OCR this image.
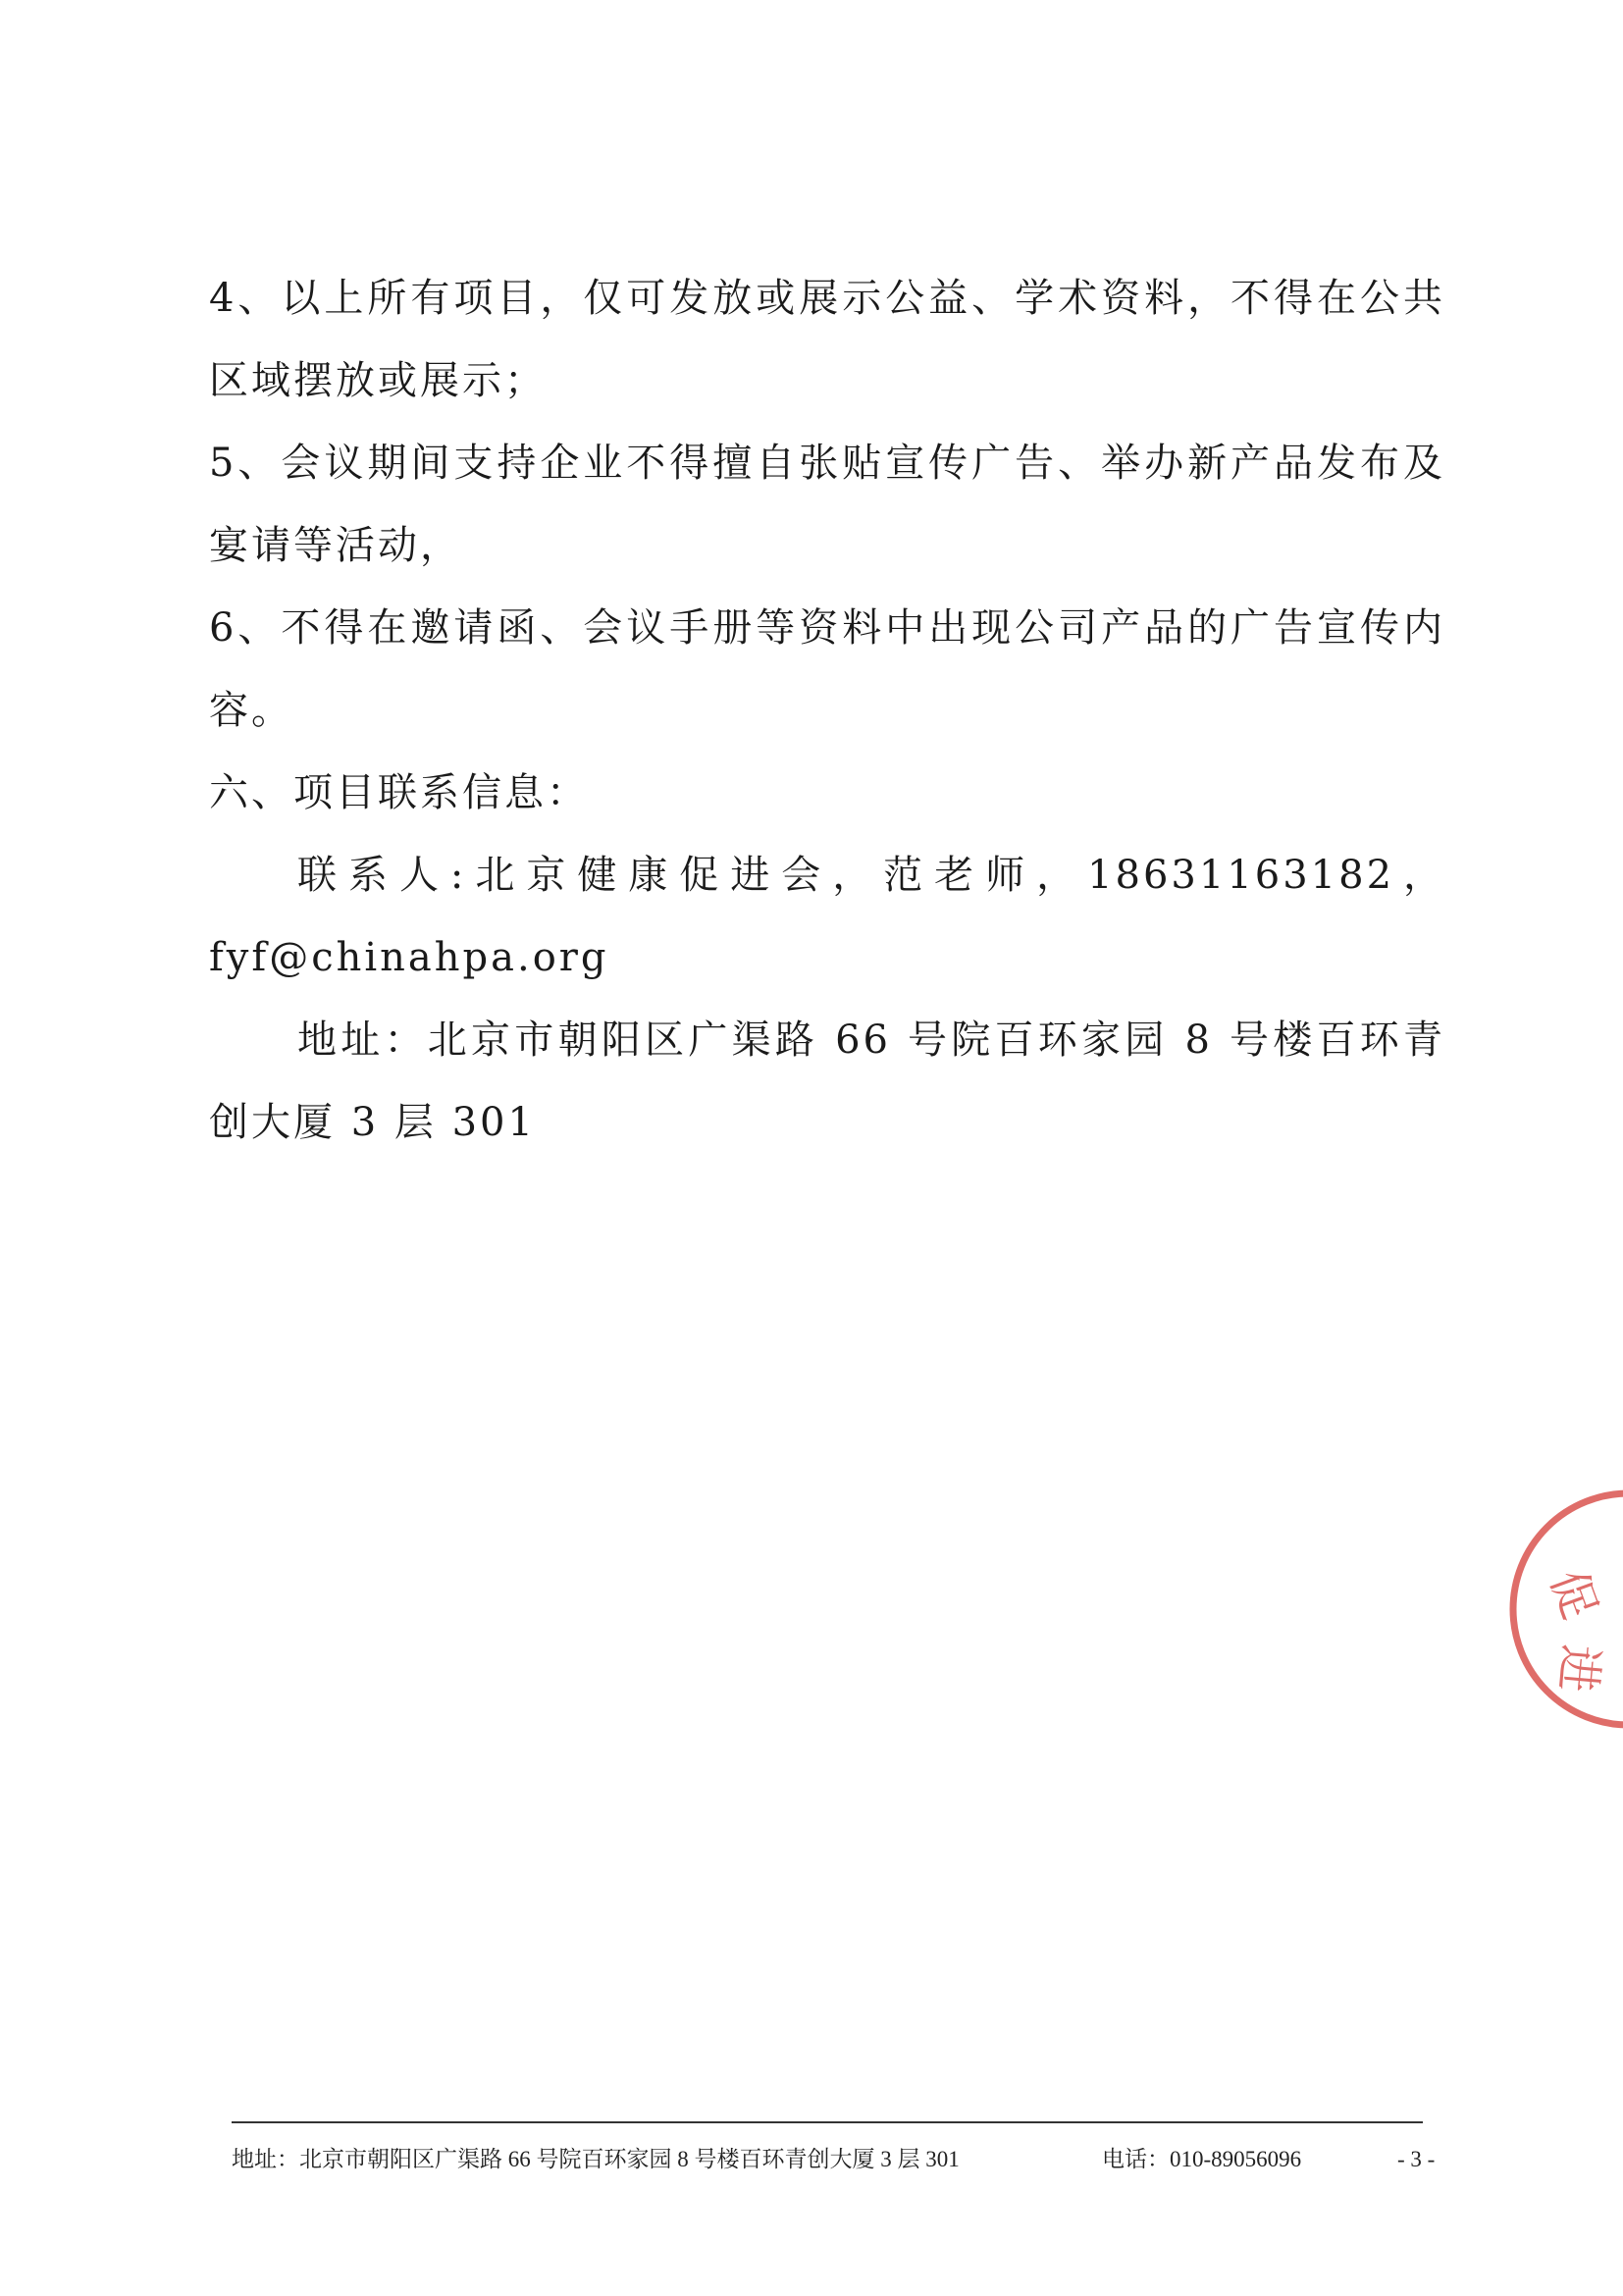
4、以上所有项目，仅可发放或展示公益、学术资料，不得在公共区域摆放或展示；

5、会议期间支持企业不得擅自张贴宣传广告、举办新产品发布及宴请等活动，

6、不得在邀请函、会议手册等资料中出现公司产品的广告宣传内容。

六、项目联系信息：

联系人:北京健康促进会，范老师，18631163182，fyf@chinahpa.org

地址：北京市朝阳区广渠路 66 号院百环家园 8 号楼百环青创大厦 3 层 301

地址：北京市朝阳区广渠路 66 号院百环家园 8 号楼百环青创大厦 3 层 301	电话：010-89056096	- 3 -
促
进
